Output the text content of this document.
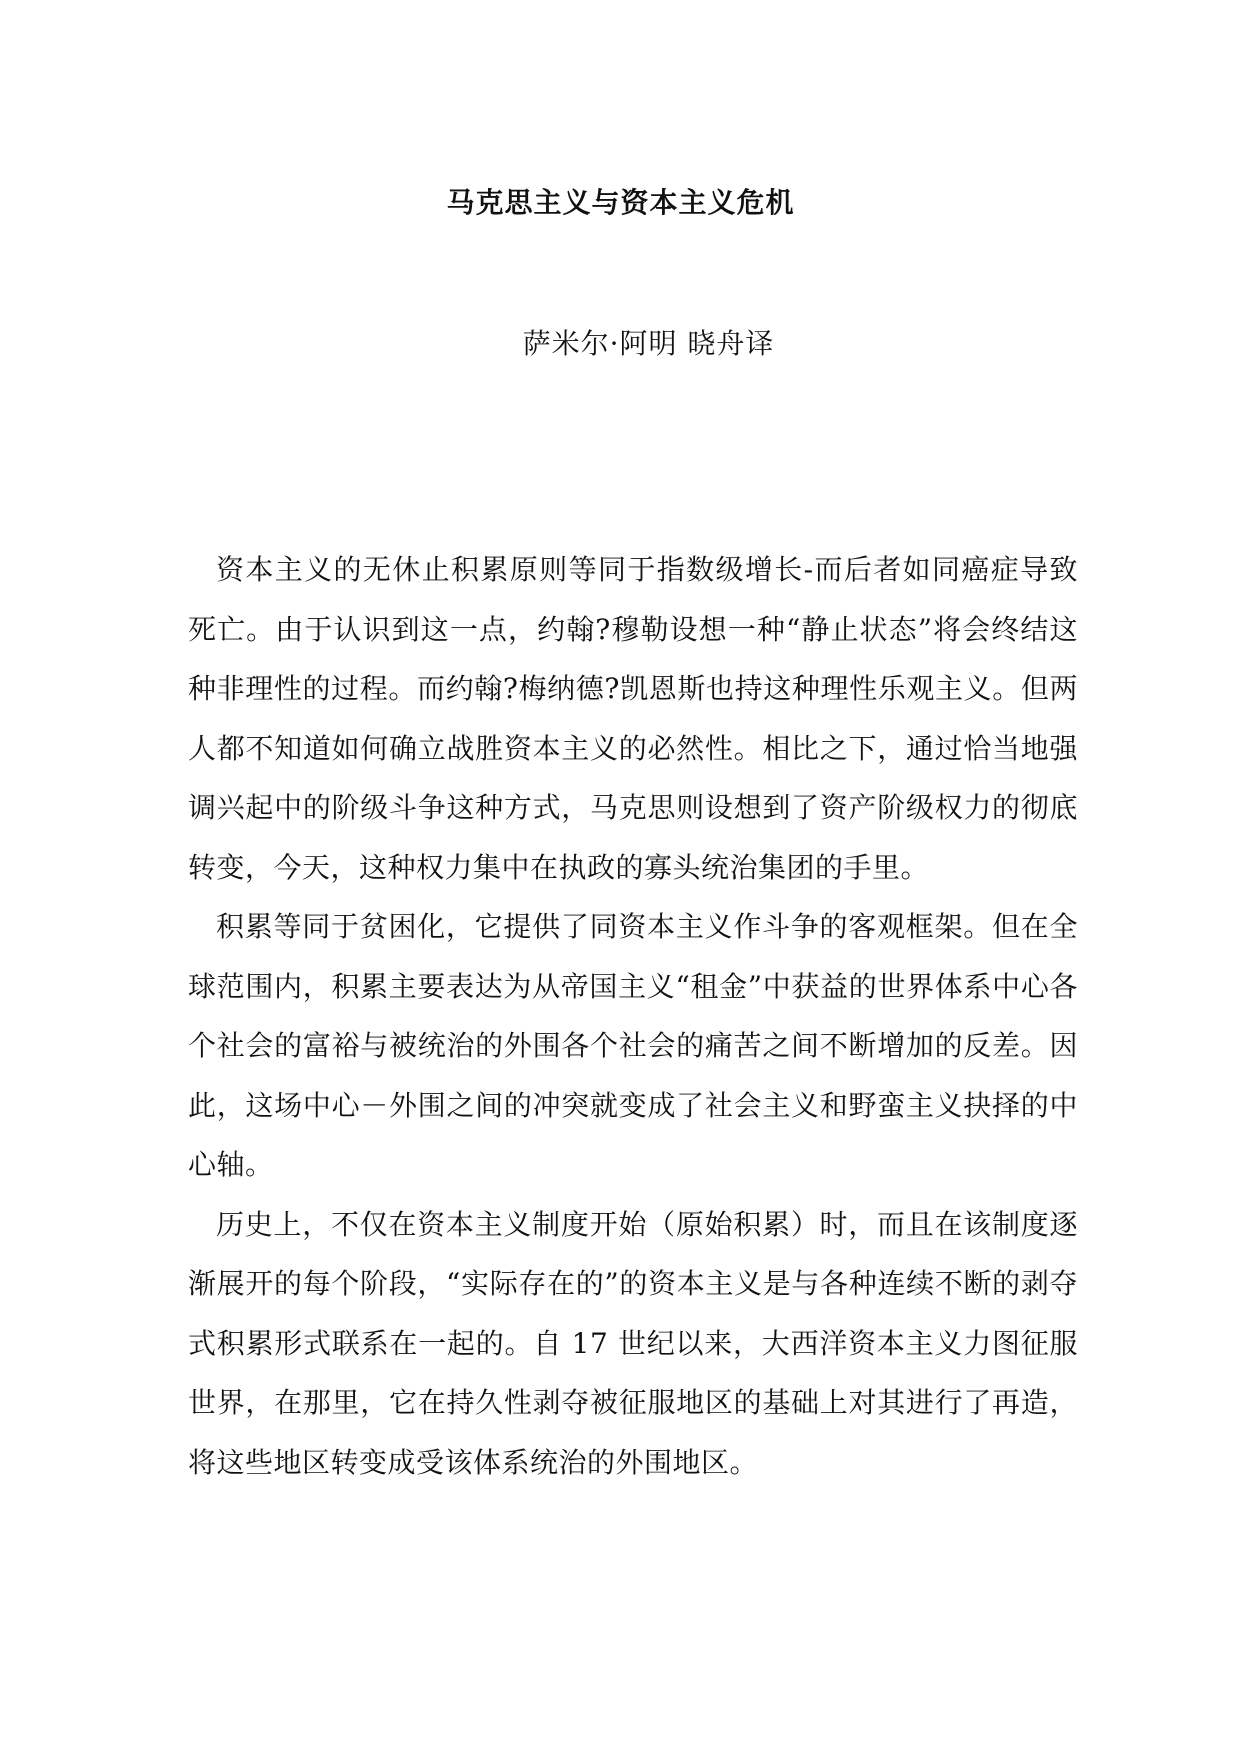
马克思主义与资本主义危机
萨米尔·阿明 晓舟译

资本主义的无休止积累原则等同于指数级增长-而后者如同癌症导致死亡。由于认识到这一点，约翰?穆勒设想一种“静止状态”将会终结这种非理性的过程。而约翰?梅纳德?凯恩斯也持这种理性乐观主义。但两人都不知道如何确立战胜资本主义的必然性。相比之下，通过恰当地强调兴起中的阶级斗争这种方式，马克思则设想到了资产阶级权力的彻底转变，今天，这种权力集中在执政的寡头统治集团的手里。

积累等同于贫困化，它提供了同资本主义作斗争的客观框架。但在全球范围内，积累主要表达为从帝国主义“租金”中获益的世界体系中心各个社会的富裕与被统治的外围各个社会的痛苦之间不断增加的反差。因此，这场中心－外围之间的冲突就变成了社会主义和野蛮主义抉择的中心轴。

历史上，不仅在资本主义制度开始（原始积累）时，而且在该制度逐渐展开的每个阶段，“实际存在的”的资本主义是与各种连续不断的剥夺式积累形式联系在一起的。自 17 世纪以来，大西洋资本主义力图征服世界，在那里，它在持久性剥夺被征服地区的基础上对其进行了再造，将这些地区转变成受该体系统治的外围地区。
